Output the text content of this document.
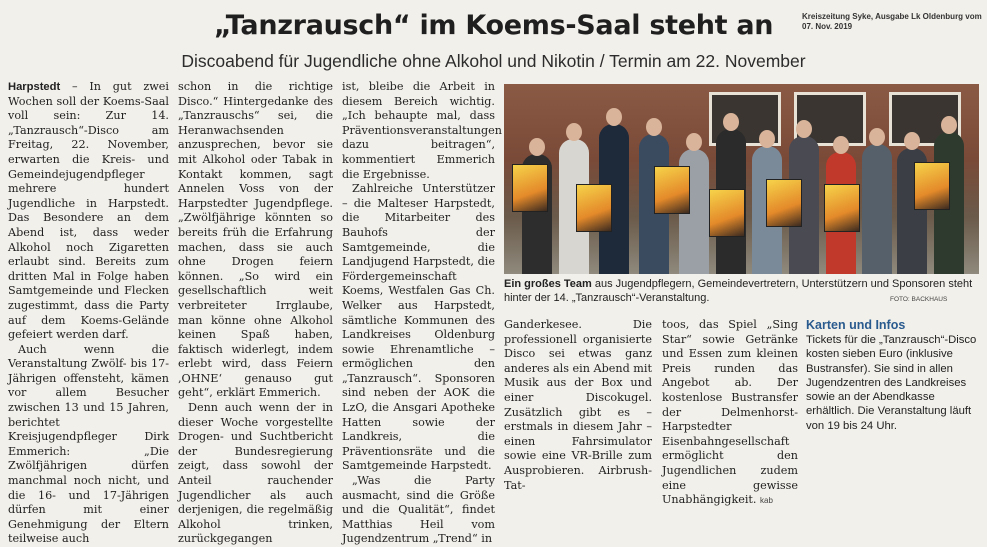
„Tanzrausch“ im Koems-Saal steht an	Kreiszeitung Syke, Ausgabe Lk Oldenburg vom 07. Nov. 2019
Discoabend für Jugendliche ohne Alkohol und Nikotin / Termin am 22. November

Harpstedt – In gut zwei Wochen soll der Koems-Saal voll sein: Zur 14. „Tanzrausch“-Disco am Freitag, 22. November, erwarten die Kreis- und Gemeindejugendpfleger mehrere hundert Jugendliche in Harpstedt. Das Besondere an dem Abend ist, dass weder Alkohol noch Zigaretten erlaubt sind. Bereits zum dritten Mal in Folge haben Samtgemeinde und Flecken zugestimmt, dass die Party auf dem Koems-Gelände gefeiert werden darf.

Auch wenn die Veranstaltung Zwölf- bis 17-Jährigen offensteht, kämen vor allem Besucher zwischen 13 und 15 Jahren, berichtet Kreisjugendpfleger Dirk Emmerich: „Die Zwölfjährigen dürfen manchmal noch nicht, und die 16- und 17-Jährigen dürfen mit einer Genehmigung der Eltern teilweise auch

schon in die richtige Disco.“ Hintergedanke des „Tanzrauschs“ sei, die Heranwachsenden anzusprechen, bevor sie mit Alkohol oder Tabak in Kontakt kommen, sagt Annelen Voss von der Harpstedter Jugendpflege. „Zwölfjährige könnten so bereits früh die Erfahrung machen, dass sie auch ohne Drogen feiern können. „So wird ein gesellschaftlich weit verbreiteter Irrglaube, man könne ohne Alkohol keinen Spaß haben, faktisch widerlegt, indem erlebt wird, dass Feiern ‚OHNE‘ genauso gut geht“, erklärt Emmerich.

Denn auch wenn der in dieser Woche vorgestellte Drogen- und Suchtbericht der Bundesregierung zeigt, dass sowohl der Anteil rauchender Jugendlicher als auch derjenigen, die regelmäßig Alkohol trinken, zurückgegangen

ist, bleibe die Arbeit in diesem Bereich wichtig. „Ich behaupte mal, dass Präventionsveranstaltungen dazu beitragen“, kommentiert Emmerich die Ergebnisse.

Zahlreiche Unterstützer – die Malteser Harpstedt, die Mitarbeiter des Bauhofs der Samtgemeinde, die Landjugend Harpstedt, die Fördergemeinschaft Koems, Westfalen Gas Ch. Welker aus Harpstedt, sämtliche Kommunen des Landkreises Oldenburg sowie Ehrenamtliche – ermöglichen den „Tanzrausch“. Sponsoren sind neben der AOK die LzO, die Ansgari Apotheke Hatten sowie der Landkreis, die Präventionsräte und die Samtgemeinde Harpstedt.

„Was die Party ausmacht, sind die Größe und die Qualität“, findet Matthias Heil vom Jugendzentrum „Trend“ in

Ein großes Team aus Jugendpflegern, Gemeindevertretern, Unterstützern und Sponsoren steht hinter der 14. „Tanzrausch“-Veranstaltung.	FOTO: BACKHAUS
Ganderkesee. Die professionell organisierte Disco sei etwas ganz anderes als ein Abend mit Musik aus der Box und einer Discokugel. Zusätzlich gibt es – erstmals in diesem Jahr – einen Fahrsimulator sowie eine VR-Brille zum Ausprobieren. Airbrush-Tat-
toos, das Spiel „Sing Star“ sowie Getränke und Essen zum kleinen Preis runden das Angebot ab. Der kostenlose Bustransfer der Delmenhorst-Harpstedter Eisenbahngesellschaft ermöglicht den Jugendlichen zudem eine gewisse Unabhängigkeit. kab
Karten und Infos

Tickets für die „Tanzrausch“-Disco kosten sieben Euro (inklusive Bustransfer). Sie sind in allen Jugendzentren des Landkreises sowie an der Abendkasse erhältlich. Die Veranstaltung läuft von 19 bis 24 Uhr.
